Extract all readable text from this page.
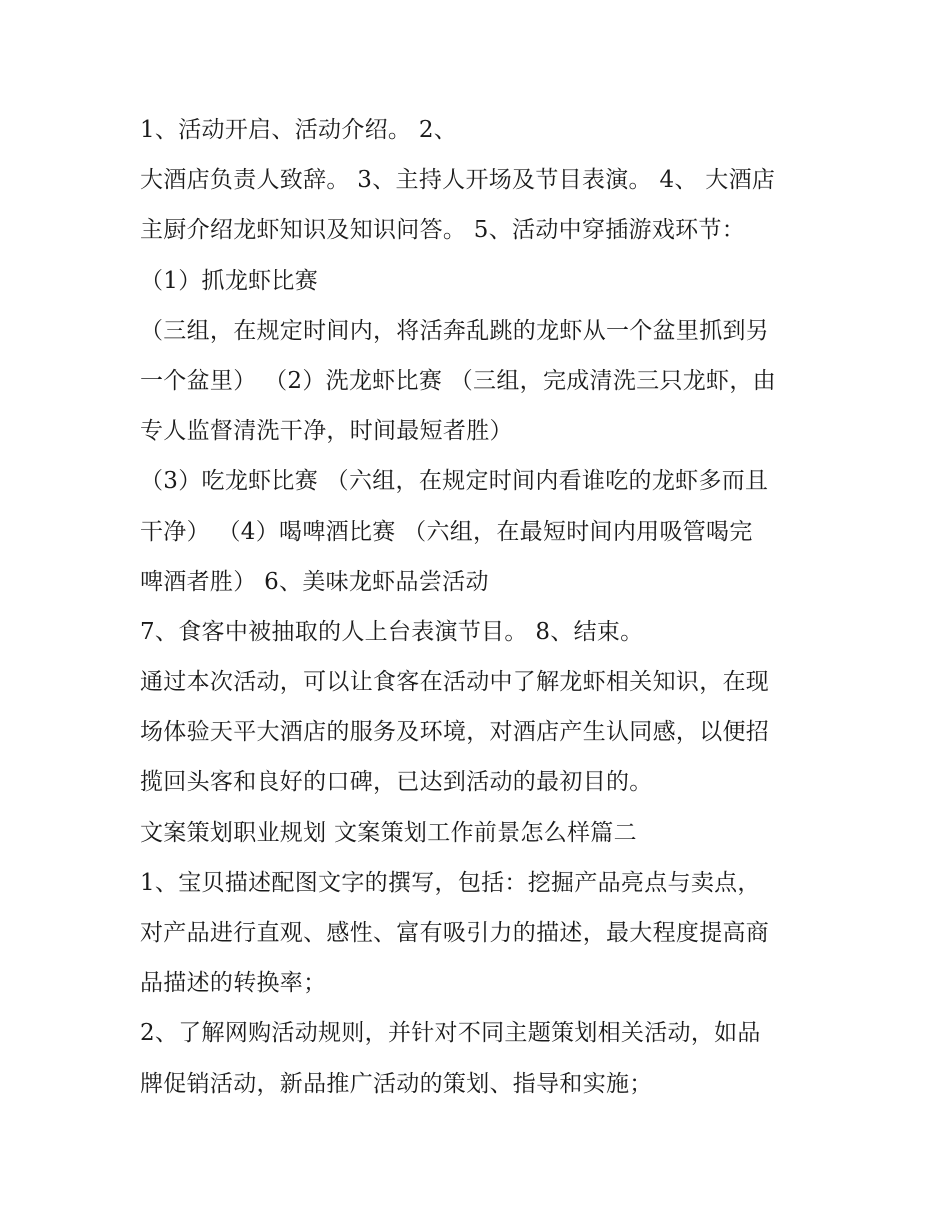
1、活动开启、活动介绍。 2、
大酒店负责人致辞。 3、主持人开场及节目表演。 4、 大酒店
主厨介绍龙虾知识及知识问答。 5、活动中穿插游戏环节：
（1）抓龙虾比赛
（三组，在规定时间内，将活奔乱跳的龙虾从一个盆里抓到另
一个盆里） （2）洗龙虾比赛 （三组，完成清洗三只龙虾，由
专人监督清洗干净，时间最短者胜）
（3）吃龙虾比赛 （六组，在规定时间内看谁吃的龙虾多而且
干净） （4）喝啤酒比赛 （六组，在最短时间内用吸管喝完
啤酒者胜） 6、美味龙虾品尝活动
7、食客中被抽取的人上台表演节目。 8、结束。
通过本次活动，可以让食客在活动中了解龙虾相关知识，在现
场体验天平大酒店的服务及环境，对酒店产生认同感，以便招
揽回头客和良好的口碑，已达到活动的最初目的。
文案策划职业规划 文案策划工作前景怎么样篇二
1、宝贝描述配图文字的撰写，包括：挖掘产品亮点与卖点，
对产品进行直观、感性、富有吸引力的描述，最大程度提高商
品描述的转换率；
2、了解网购活动规则，并针对不同主题策划相关活动，如品
牌促销活动，新品推广活动的策划、指导和实施；
